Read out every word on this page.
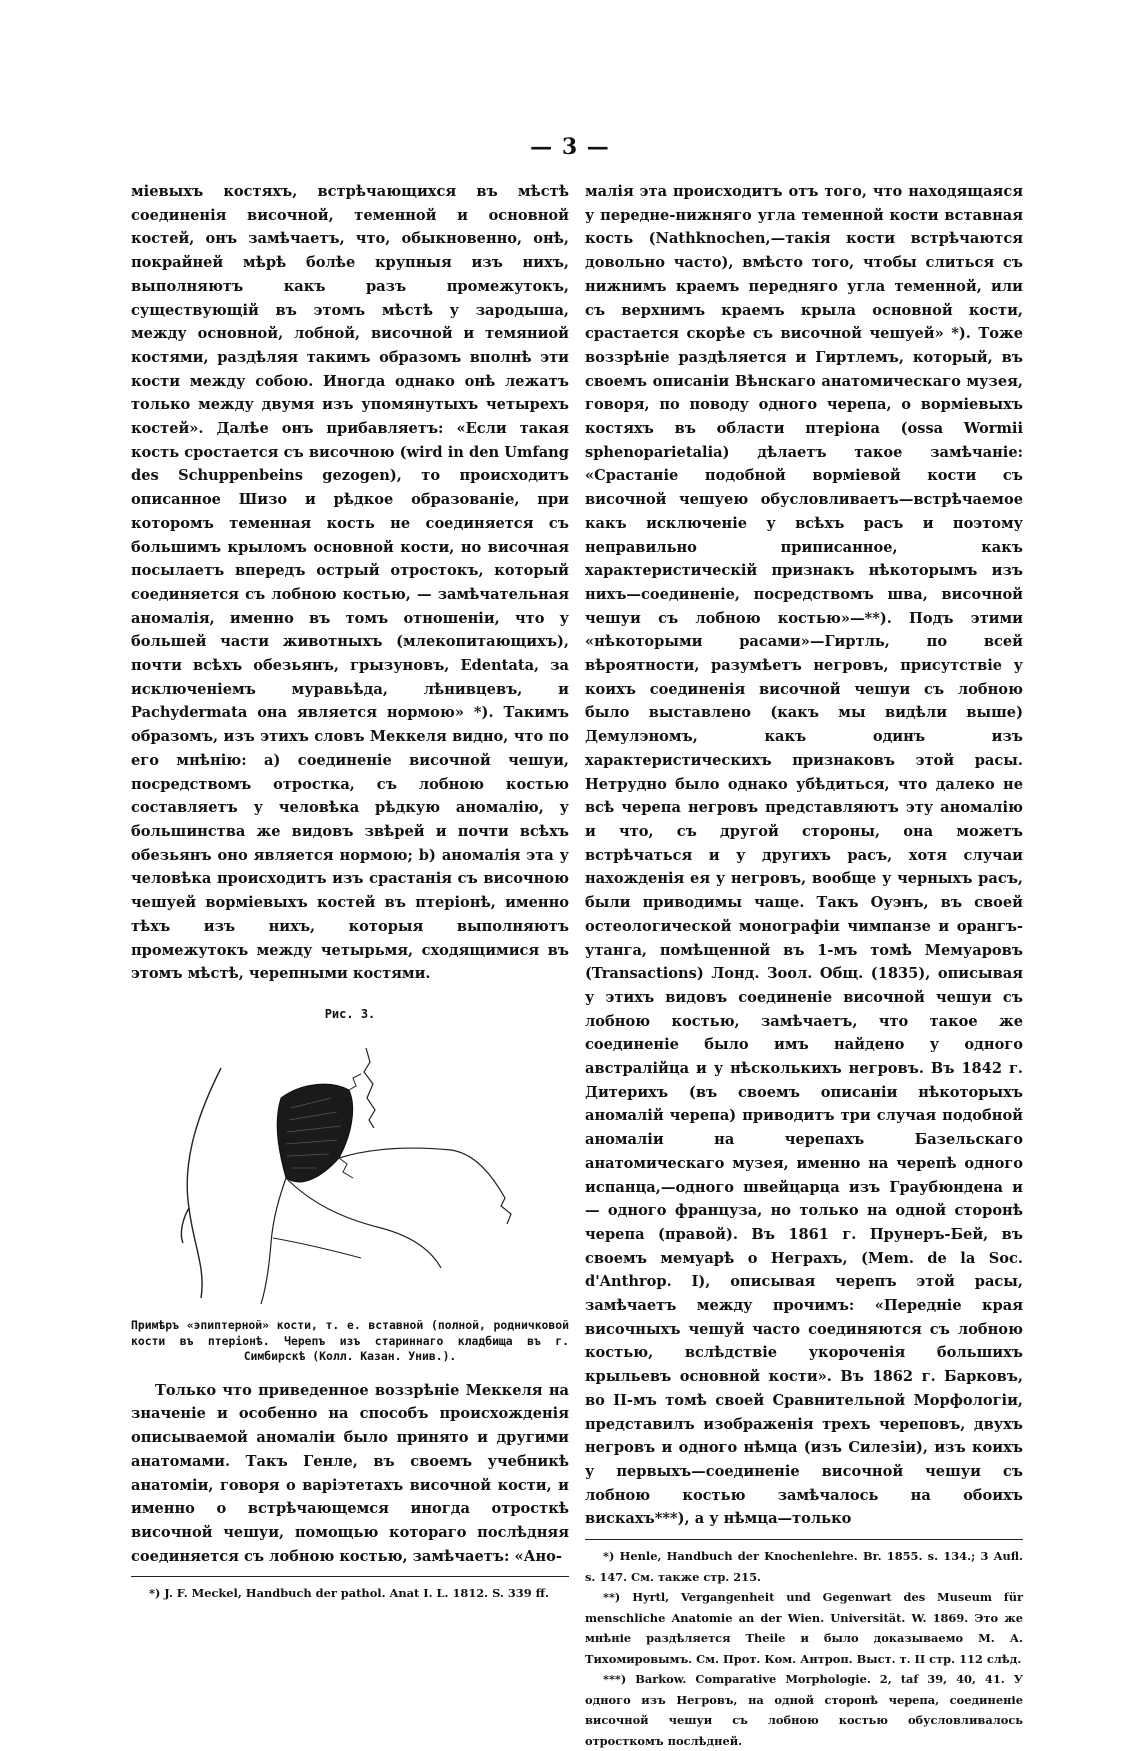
— 3 —

міевыхъ костяхъ, встрѣчающихся въ мѣстѣ соединенія височной, теменной и основной костей, онъ замѣчаетъ, что, обыкновенно, онѣ, покрайней мѣрѣ болѣе крупныя изъ нихъ, выполняютъ какъ разъ промежутокъ, существующій въ этомъ мѣстѣ у зародыша, между основной, лобной, височной и темяниой костями, раздѣляя такимъ образомъ вполнѣ эти кости между собою. Иногда однако онѣ лежатъ только между двумя изъ упомянутыхъ четырехъ костей». Далѣе онъ прибавляетъ: «Если такая кость сростается съ височною (wird in den Umfang des Schuppenbeins gezogen), то происходитъ описанное Шизо и рѣдкое образованіе, при которомъ теменная кость не соединяется съ большимъ крыломъ основной кости, но височная посылаетъ впередъ острый отростокъ, который соединяется съ лобною костью, — замѣчательная аномалія, именно въ томъ отношеніи, что у большей части животныхъ (млекопитающихъ), почти всѣхъ обезьянъ, грызуновъ, Edentata, за исключеніемъ муравьѣда, лѣнивцевъ, и Pachydermata она является нормою» *). Такимъ образомъ, изъ этихъ словъ Меккеля видно, что по его мнѣнію: a) соединеніе височной чешуи, посредствомъ отростка, съ лобною костью составляетъ у человѣка рѣдкую аномалію, у большинства же видовъ звѣрей и почти всѣхъ обезьянъ оно является нормою; b) аномалія эта у человѣка происходитъ изъ срастанія съ височною чешуей ворміевыхъ костей въ птеріонѣ, именно тѣхъ изъ нихъ, которыя выполняютъ промежутокъ между четырьмя, сходящимися въ этомъ мѣстѣ, черепными костями.

Рис. 3.

Примѣръ «эпиптерной» кости, т. е. вставной (полной, родничковой кости въ птеріонѣ. Черепъ изъ стариннаго кладбища въ г. Симбирскѣ (Колл. Казан. Унив.).

Только что приведенное воззрѣніе Меккеля на значеніе и особенно на способъ происхожденія описываемой аномаліи было принято и другими анатомами. Такъ Генле, въ своемъ учебникѣ анатоміи, говоря о варіэтетахъ височной кости, и именно о встрѣчающемся иногда отросткѣ височной чешуи, помощью котораго послѣдняя соединяется съ лобною костью, замѣчаетъ: «Ано-

*) J. F. Meckel, Handbuch der pathol. Anat I. L. 1812. S. 339 ff.

малія эта происходитъ отъ того, что находящаяся у передне-нижняго угла теменной кости вставная кость (Nathknochen,—такія кости встрѣчаются довольно часто), вмѣсто того, чтобы слиться съ нижнимъ краемъ передняго угла теменной, или съ верхнимъ краемъ крыла основной кости, срастается скорѣе съ височной чешуей» *). Тоже воззрѣніе раздѣляется и Гиртлемъ, который, въ своемъ описаніи Вѣнскаго анатомическаго музея, говоря, по поводу одного черепа, о ворміевыхъ костяхъ въ области птеріона (ossa Wormii sphenoparietalia) дѣлаетъ такое замѣчаніе: «Срастаніе подобной ворміевой кости съ височной чешуею обусловливаетъ—встрѣчаемое какъ исключеніе у всѣхъ расъ и поэтому неправильно приписанное, какъ характеристическій признакъ нѣкоторымъ изъ нихъ—соединеніе, посредствомъ шва, височной чешуи съ лобною костью»—**). Подъ этими «нѣкоторыми расами»—Гиртль, по всей вѣроятности, разумѣетъ негровъ, присутствіе у коихъ соединенія височной чешуи съ лобною было выставлено (какъ мы видѣли выше) Демулэномъ, какъ одинъ изъ характеристическихъ признаковъ этой расы. Нетрудно было однако убѣдиться, что далеко не всѣ черепа негровъ представляютъ эту аномалію и что, съ другой стороны, она можетъ встрѣчаться и у другихъ расъ, хотя случаи нахожденія ея у негровъ, вообще у черныхъ расъ, были приводимы чаще. Такъ Оуэнъ, въ своей остеологической монографіи чимпанзе и орангъ-утанга, помѣщенной въ 1-мъ томѣ Мемуаровъ (Transactions) Лонд. Зоол. Общ. (1835), описывая у этихъ видовъ соединеніе височной чешуи съ лобною костью, замѣчаетъ, что такое же соединеніе было имъ найдено у одного австралійца и у нѣсколькихъ негровъ. Въ 1842 г. Дитерихъ (въ своемъ описаніи нѣкоторыхъ аномалій черепа) приводитъ три случая подобной аномаліи на черепахъ Базельскаго анатомическаго музея, именно на черепѣ одного испанца,—одного швейцарца изъ Граубюндена и — одного француза, но только на одной сторонѣ черепа (правой). Въ 1861 г. Прунеръ-Бей, въ своемъ мемуарѣ о Неграхъ, (Mem. de la Soc. d'Anthrop. I), описывая черепъ этой расы, замѣчаетъ между прочимъ: «Передніе края височныхъ чешуй часто соединяются съ лобною костью, вслѣдствіе укороченія большихъ крыльевъ основной кости». Въ 1862 г. Барковъ, во II-мъ томѣ своей Сравнительной Морфологіи, представилъ изображенія трехъ череповъ, двухъ негровъ и одного нѣмца (изъ Силезіи), изъ коихъ у первыхъ—соединеніе височной чешуи съ лобною костью замѣчалось на обоихъ вискахъ***), а у нѣмца—только

*) Henle, Handbuch der Knochenlehre. Br. 1855. s. 134.; 3 Aufl. s. 147. См. также стр. 215.

**) Hyrtl, Vergangenheit und Gegenwart des Museum für menschliche Anatomie an der Wien. Universität. W. 1869. Это же мнѣніе раздѣляется Theile и было доказываемо М. А. Тихомировымъ. См. Прот. Ком. Антроп. Выст. т. II стр. 112 слѣд.

***) Barkow. Comparative Morphologie. 2, taf 39, 40, 41. У одного изъ Негровъ, на одной сторонѣ черепа, соединеніе височной чешуи съ лобною костью обусловливалось отросткомъ послѣдней.
